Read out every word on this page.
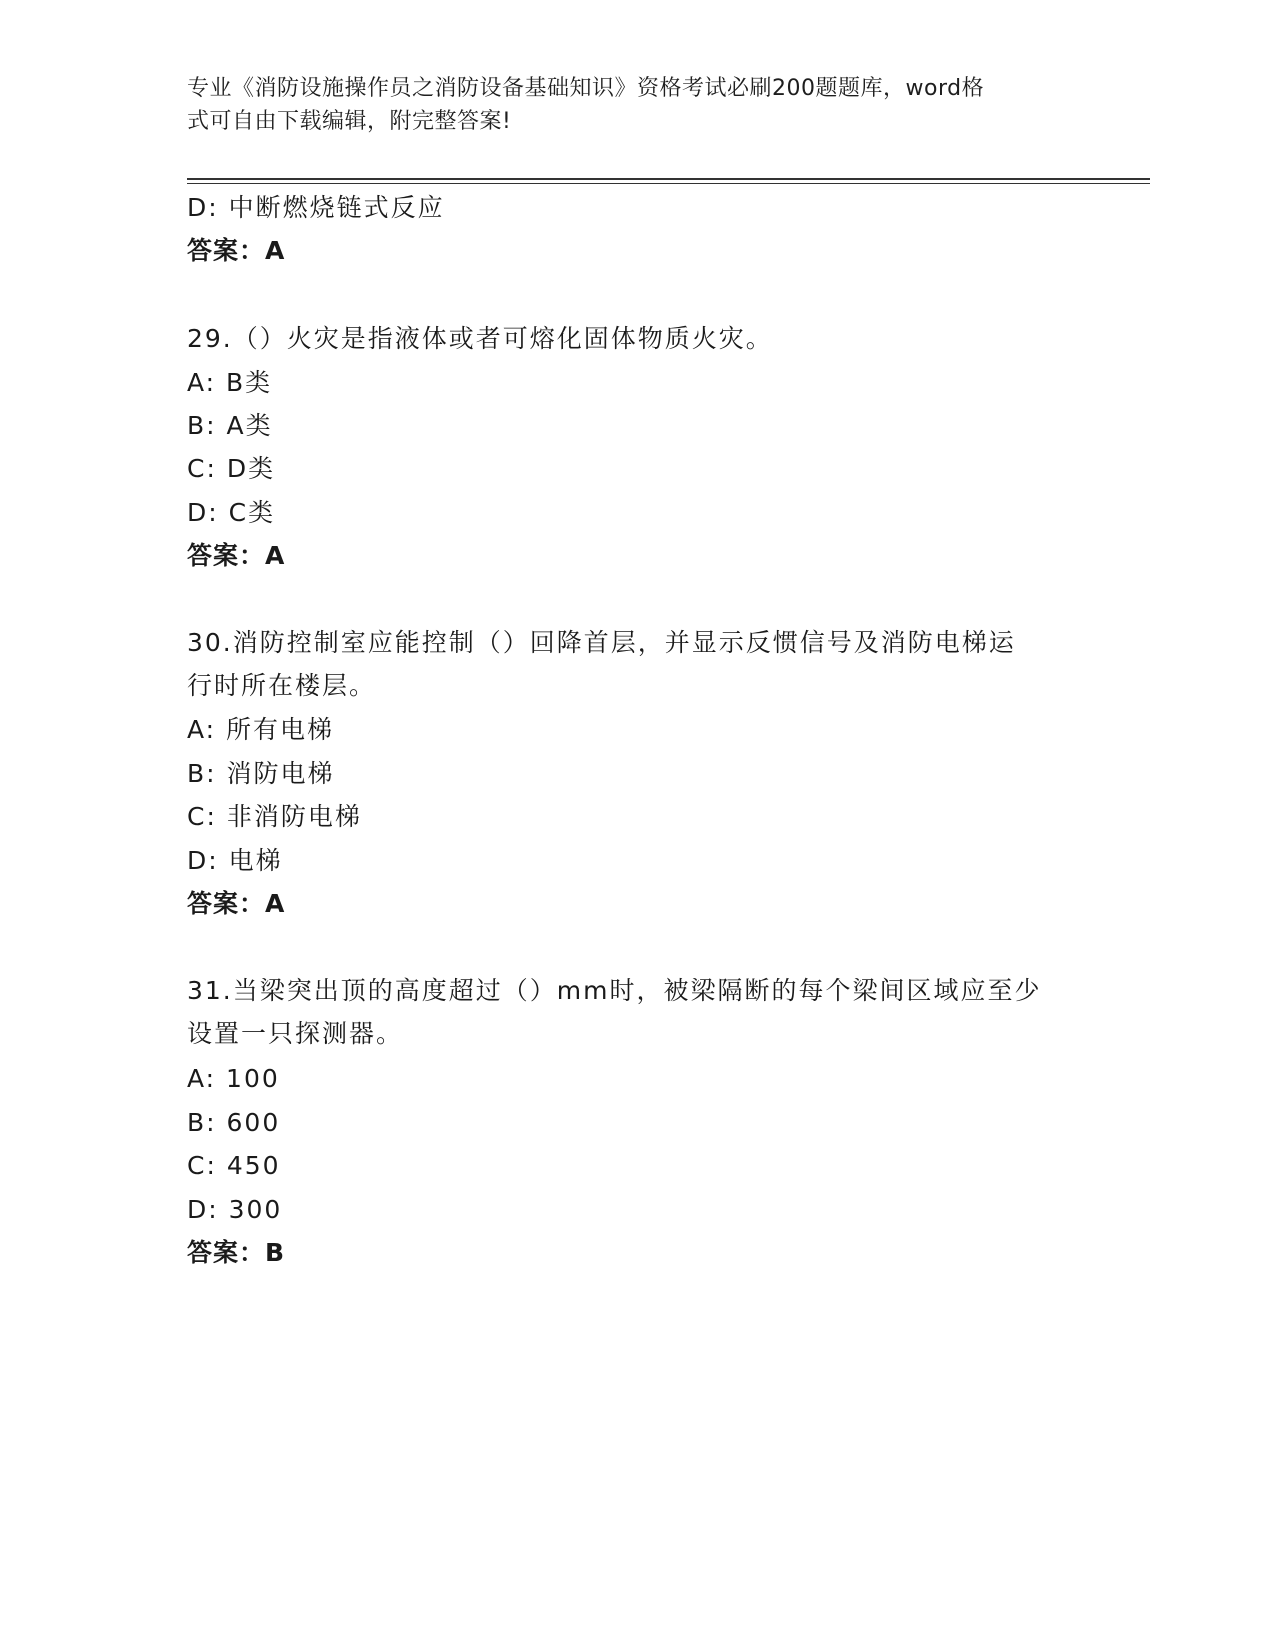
专业《消防设施操作员之消防设备基础知识》资格考试必刷200题题库，word格
式可自由下载编辑，附完整答案!
D: 中断燃烧链式反应
答案：A
29.（）火灾是指液体或者可熔化固体物质火灾。
A: B类
B: A类
C: D类
D: C类
答案：A
30.消防控制室应能控制（）回降首层，并显示反惯信号及消防电梯运
行时所在楼层。
A: 所有电梯
B: 消防电梯
C: 非消防电梯
D: 电梯
答案：A
31.当梁突出顶的高度超过（）mm时，被梁隔断的每个梁间区域应至少
设置一只探测器。
A: 100
B: 600
C: 450
D: 300
答案：B
